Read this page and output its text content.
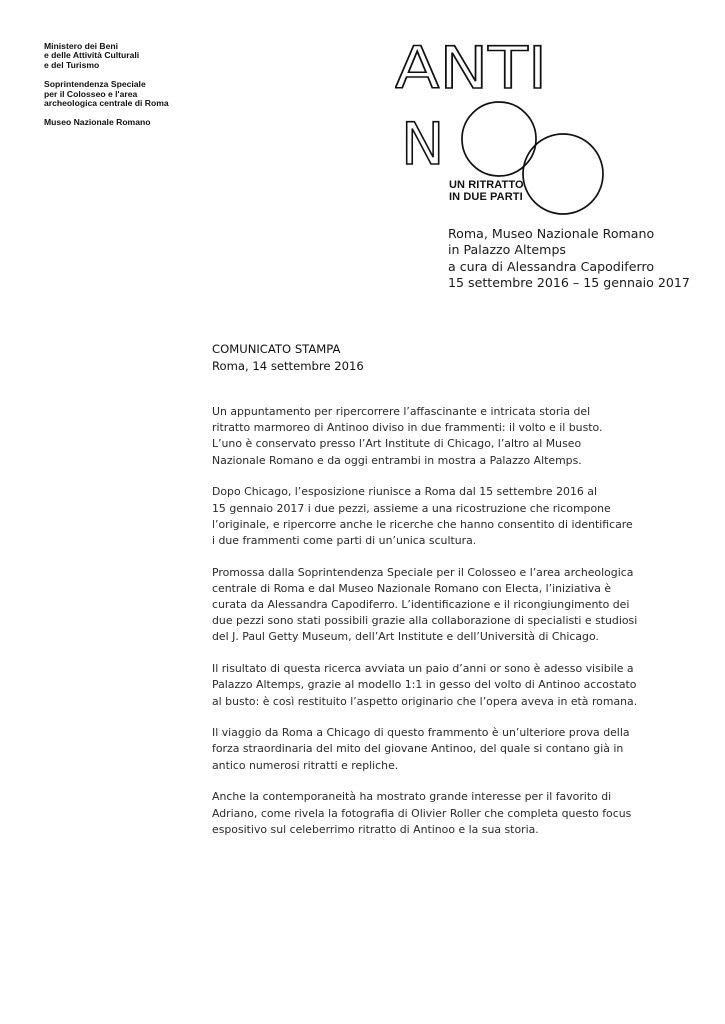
Ministero dei Beni
e delle Attività Culturali
e del Turismo
Soprintendenza Speciale
per il Colosseo e l'area
archeologica centrale di Roma
Museo Nazionale Romano
ANTI
N
UN RITRATTO
IN DUE PARTI
Roma, Museo Nazionale Romano
in Palazzo Altemps
a cura di Alessandra Capodiferro
15 settembre 2016 – 15 gennaio 2017
COMUNICATO STAMPA
Roma, 14 settembre 2016
Un appuntamento per ripercorrere l’affascinante e intricata storia del
ritratto marmoreo di Antinoo diviso in due frammenti: il volto e il busto.
L’uno è conservato presso l’Art Institute di Chicago, l’altro al Museo
Nazionale Romano e da oggi entrambi in mostra a Palazzo Altemps.
Dopo Chicago, l’esposizione riunisce a Roma dal 15 settembre 2016 al
15 gennaio 2017 i due pezzi, assieme a una ricostruzione che ricompone
l’originale, e ripercorre anche le ricerche che hanno consentito di identificare
i due frammenti come parti di un’unica scultura.
Promossa dalla Soprintendenza Speciale per il Colosseo e l’area archeologica
centrale di Roma e dal Museo Nazionale Romano con Electa, l’iniziativa è
curata da Alessandra Capodiferro. L’identificazione e il ricongiungimento dei
due pezzi sono stati possibili grazie alla collaborazione di specialisti e studiosi
del J. Paul Getty Museum, dell’Art Institute e dell’Università di Chicago.
Il risultato di questa ricerca avviata un paio d’anni or sono è adesso visibile a
Palazzo Altemps, grazie al modello 1:1 in gesso del volto di Antinoo accostato
al busto: è così restituito l’aspetto originario che l’opera aveva in età romana.
Il viaggio da Roma a Chicago di questo frammento è un’ulteriore prova della
forza straordinaria del mito del giovane Antinoo, del quale si contano già in
antico numerosi ritratti e repliche.
Anche la contemporaneità ha mostrato grande interesse per il favorito di
Adriano, come rivela la fotografia di Olivier Roller che completa questo focus
espositivo sul celeberrimo ritratto di Antinoo e la sua storia.
